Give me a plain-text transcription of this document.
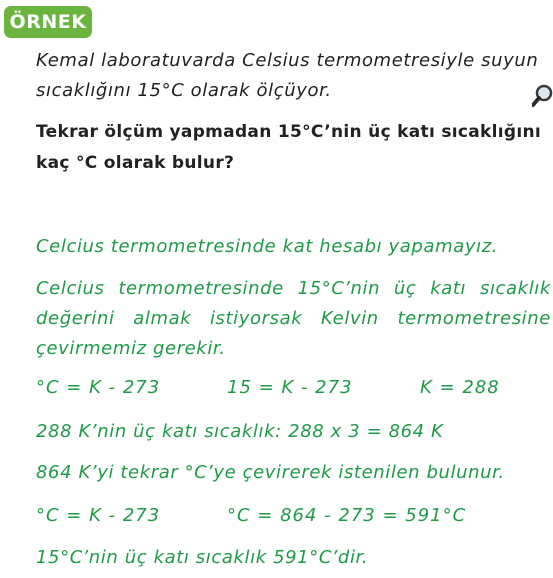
ÖRNEK
Kemal laboratuvarda Celsius termometresiyle suyun
sıcaklığını 15°C olarak ölçüyor.
Tekrar ölçüm yapmadan 15°C’nin üç katı sıcaklığını
kaç °C olarak bulur?
Celcius termometresinde kat hesabı yapamayız.
Celcius termometresinde 15°C’nin üç katı sıcaklık
değerini almak istiyorsak Kelvin termometresine
çevirmemiz gerekir.
°C = K - 273	15 = K - 273	K = 288
288 K’nin üç katı sıcaklık: 288 x 3 = 864 K
864 K’yi tekrar °C’ye çevirerek istenilen bulunur.
°C = K - 273	°C = 864 - 273 = 591°C
15°C’nin üç katı sıcaklık 591°C’dir.
